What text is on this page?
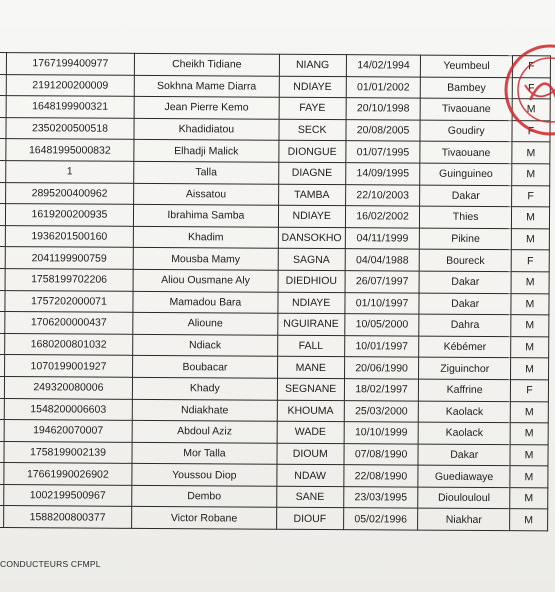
	1767199400977	Cheikh Tidiane	NIANG	14/02/1994	Yeumbeul	F
	2191200200009	Sokhna Mame Diarra	NDIAYE	01/01/2002	Bambey	F
	1648199900321	Jean Pierre Kemo	FAYE	20/10/1998	Tivaouane	M
	2350200500518	Khadidiatou	SECK	20/08/2005	Goudiry	F
	16481995000832	Elhadji Malick	DIONGUE	01/07/1995	Tivaouane	M
	1	Talla	DIAGNE	14/09/1995	Guinguineo	M
	2895200400962	Aissatou	TAMBA	22/10/2003	Dakar	F
	1619200200935	Ibrahima Samba	NDIAYE	16/02/2002	Thies	M
	1936201500160	Khadim	DANSOKHO	04/11/1999	Pikine	M
	2041199900759	Mousba Mamy	SAGNA	04/04/1988	Boureck	F
	1758199702206	Aliou Ousmane Aly	DIEDHIOU	26/07/1997	Dakar	M
	1757202000071	Mamadou Bara	NDIAYE	01/10/1997	Dakar	M
	1706200000437	Alioune	NGUIRANE	10/05/2000	Dahra	M
	1680200801032	Ndiack	FALL	10/01/1997	Kébémer	M
	1070199001927	Boubacar	MANE	20/06/1990	Ziguinchor	M
	249320080006	Khady	SEGNANE	18/02/1997	Kaffrine	F
	1548200006603	Ndiakhate	KHOUMA	25/03/2000	Kaolack	M
	194620070007	Abdoul Aziz	WADE	10/10/1999	Kaolack	M
	1758199002139	Mor Talla	DIOUM	07/08/1990	Dakar	M
	17661990026902	Youssou Diop	NDAW	22/08/1990	Guediawaye	M
	1002199500967	Dembo	SANE	23/03/1995	Dioulouloul	M
	1588200800377	Victor Robane	DIOUF	05/02/1996	Niakhar	M
CONDUCTEURS CFMPL
